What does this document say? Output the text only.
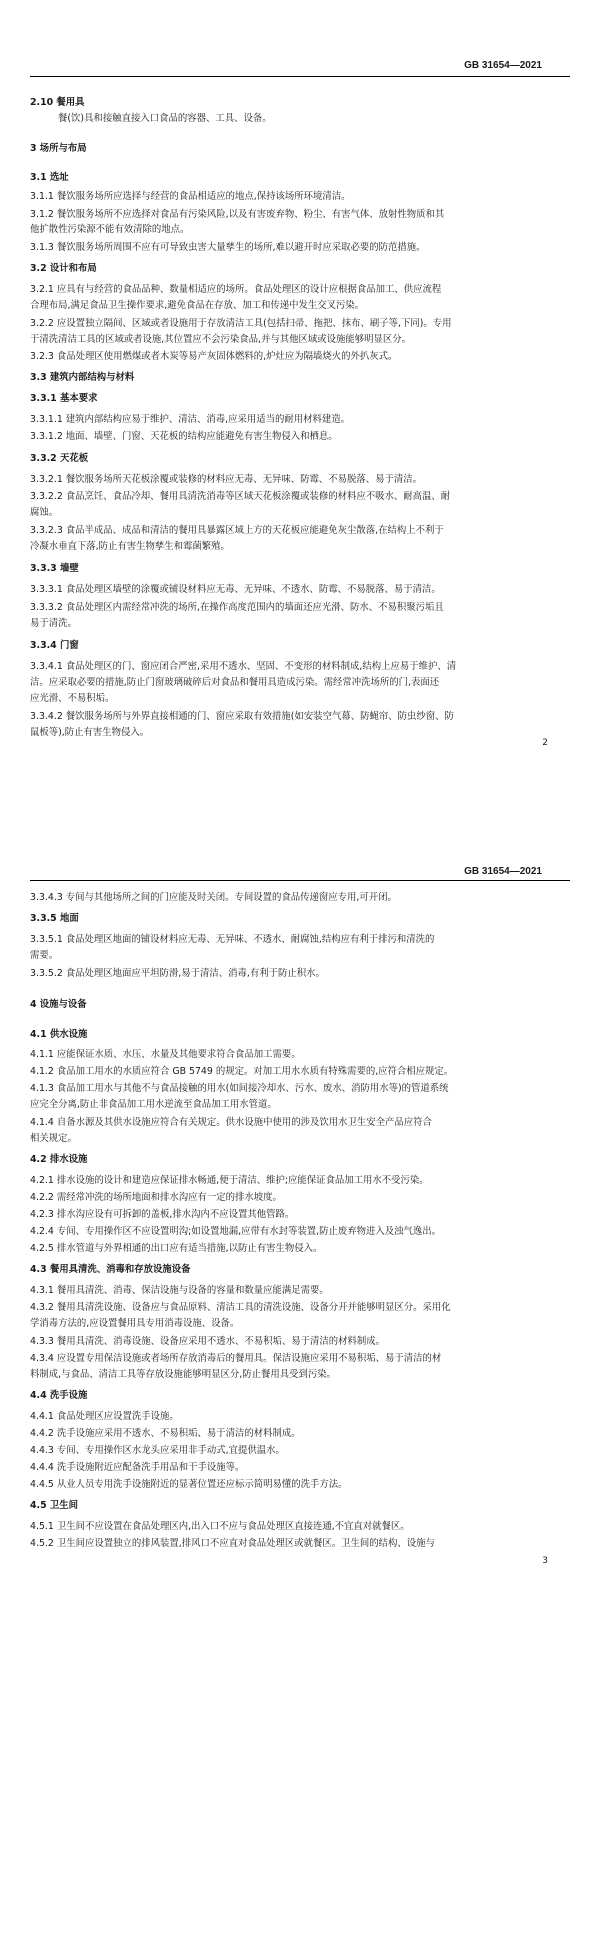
GB 31654—2021
2.10 餐用具
餐(饮)具和接触直接入口食品的容器、工具、设备。
3 场所与布局
3.1 选址
3.1.1 餐饮服务场所应选择与经营的食品相适应的地点,保持该场所环境清洁。
3.1.2 餐饮服务场所不应选择对食品有污染风险,以及有害废弃物、粉尘、有害气体、放射性物质和其
他扩散性污染源不能有效清除的地点。
3.1.3 餐饮服务场所周围不应有可导致虫害大量孳生的场所,难以避开时应采取必要的防范措施。
3.2 设计和布局
3.2.1 应具有与经营的食品品种、数量相适应的场所。食品处理区的设计应根据食品加工、供应流程
合理布局,满足食品卫生操作要求,避免食品在存放、加工和传递中发生交叉污染。
3.2.2 应设置独立隔间、区域或者设施用于存放清洁工具(包括扫帚、拖把、抹布、刷子等,下同)。专用
于清洗清洁工具的区域或者设施,其位置应不会污染食品,并与其他区域或设施能够明显区分。
3.2.3 食品处理区使用燃煤或者木炭等易产灰固体燃料的,炉灶应为隔墙烧火的外扒灰式。
3.3 建筑内部结构与材料
3.3.1 基本要求
3.3.1.1 建筑内部结构应易于维护、清洁、消毒,应采用适当的耐用材料建造。
3.3.1.2 地面、墙壁、门窗、天花板的结构应能避免有害生物侵入和栖息。
3.3.2 天花板
3.3.2.1 餐饮服务场所天花板涂覆或装修的材料应无毒、无异味、防霉、不易脱落、易于清洁。
3.3.2.2 食品烹饪、食品冷却、餐用具清洗消毒等区域天花板涂覆或装修的材料应不吸水、耐高温、耐
腐蚀。
3.3.2.3 食品半成品、成品和清洁的餐用具暴露区域上方的天花板应能避免灰尘散落,在结构上不利于
冷凝水垂直下落,防止有害生物孳生和霉菌繁殖。
3.3.3 墙壁
3.3.3.1 食品处理区墙壁的涂覆或铺设材料应无毒、无异味、不透水、防霉、不易脱落、易于清洁。
3.3.3.2 食品处理区内需经常冲洗的场所,在操作高度范围内的墙面还应光滑、防水、不易积聚污垢且
易于清洗。
3.3.4 门窗
3.3.4.1 食品处理区的门、窗应闭合严密,采用不透水、坚固、不变形的材料制成,结构上应易于维护、清
洁。应采取必要的措施,防止门窗玻璃破碎后对食品和餐用具造成污染。需经常冲洗场所的门,表面还
应光滑、不易积垢。
3.3.4.2 餐饮服务场所与外界直接相通的门、窗应采取有效措施(如安装空气幕、防蝇帘、防虫纱窗、防
鼠板等),防止有害生物侵入。
2
GB 31654—2021
3.3.4.3 专间与其他场所之间的门应能及时关闭。专间设置的食品传递窗应专用,可开闭。
3.3.5 地面
3.3.5.1 食品处理区地面的铺设材料应无毒、无异味、不透水、耐腐蚀,结构应有利于排污和清洗的
需要。
3.3.5.2 食品处理区地面应平坦防滑,易于清洁、消毒,有利于防止积水。
4 设施与设备
4.1 供水设施
4.1.1 应能保证水质、水压、水量及其他要求符合食品加工需要。
4.1.2 食品加工用水的水质应符合 GB 5749 的规定。对加工用水水质有特殊需要的,应符合相应规定。
4.1.3 食品加工用水与其他不与食品接触的用水(如间接冷却水、污水、废水、消防用水等)的管道系统
应完全分离,防止非食品加工用水逆流至食品加工用水管道。
4.1.4 自备水源及其供水设施应符合有关规定。供水设施中使用的涉及饮用水卫生安全产品应符合
相关规定。
4.2 排水设施
4.2.1 排水设施的设计和建造应保证排水畅通,便于清洁、维护;应能保证食品加工用水不受污染。
4.2.2 需经常冲洗的场所地面和排水沟应有一定的排水坡度。
4.2.3 排水沟应设有可拆卸的盖板,排水沟内不应设置其他管路。
4.2.4 专间、专用操作区不应设置明沟;如设置地漏,应带有水封等装置,防止废弃物进入及浊气逸出。
4.2.5 排水管道与外界相通的出口应有适当措施,以防止有害生物侵入。
4.3 餐用具清洗、消毒和存放设施设备
4.3.1 餐用具清洗、消毒、保洁设施与设备的容量和数量应能满足需要。
4.3.2 餐用具清洗设施、设备应与食品原料、清洁工具的清洗设施、设备分开并能够明显区分。采用化
学消毒方法的,应设置餐用具专用消毒设施、设备。
4.3.3 餐用具清洗、消毒设施、设备应采用不透水、不易积垢、易于清洁的材料制成。
4.3.4 应设置专用保洁设施或者场所存放消毒后的餐用具。保洁设施应采用不易积垢、易于清洁的材
料制成,与食品、清洁工具等存放设施能够明显区分,防止餐用具受到污染。
4.4 洗手设施
4.4.1 食品处理区应设置洗手设施。
4.4.2 洗手设施应采用不透水、不易积垢、易于清洁的材料制成。
4.4.3 专间、专用操作区水龙头应采用非手动式,宜提供温水。
4.4.4 洗手设施附近应配备洗手用品和干手设施等。
4.4.5 从业人员专用洗手设施附近的显著位置还应标示简明易懂的洗手方法。
4.5 卫生间
4.5.1 卫生间不应设置在食品处理区内,出入口不应与食品处理区直接连通,不宜直对就餐区。
4.5.2 卫生间应设置独立的排风装置,排风口不应直对食品处理区或就餐区。卫生间的结构、设施与
3
